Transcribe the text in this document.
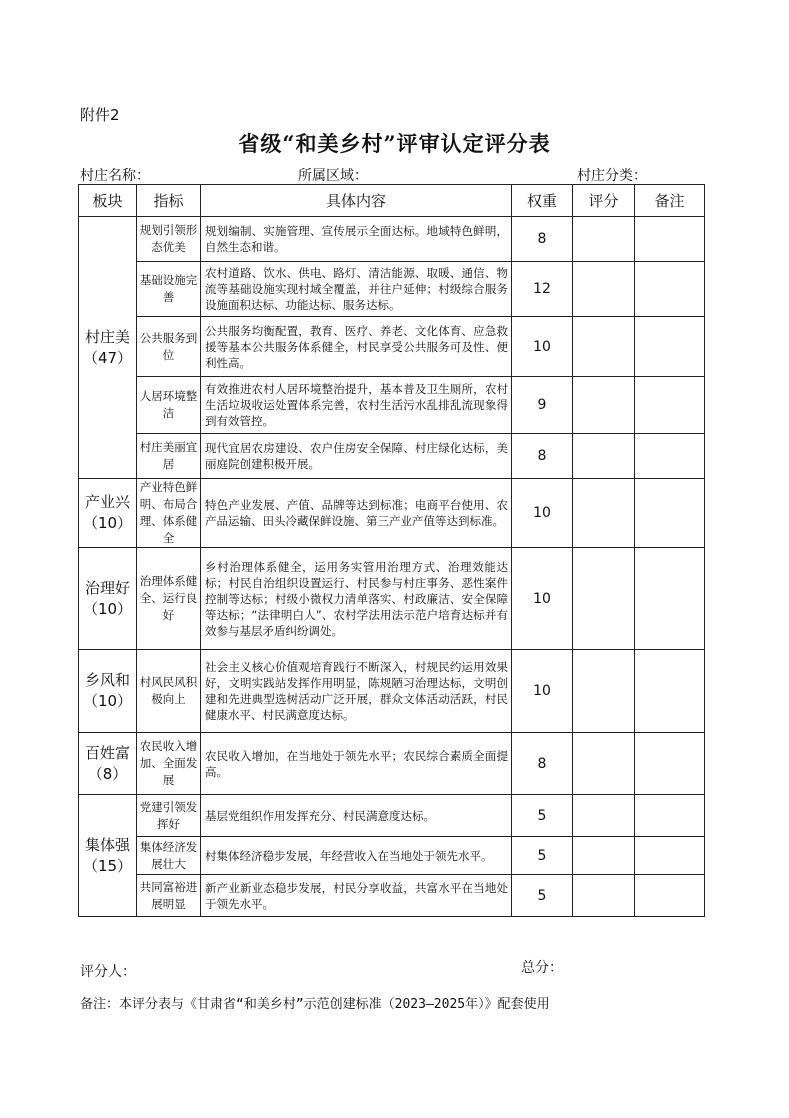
附件2
省级“和美乡村”评审认定评分表
村庄名称：	所属区域：	村庄分类：
板块	指标	具体内容	权重	评分	备注
村庄美
（47）	规划引领形态优美	规划编制、实施管理、宣传展示全面达标。地域特色鲜明，自然生态和谐。	8		
	基础设施完善	农村道路、饮水、供电、路灯、清洁能源、取暖、通信、物流等基础设施实现村域全覆盖，并往户延伸；村级综合服务设施面积达标、功能达标、服务达标。	12		
	公共服务到位	公共服务均衡配置，教育、医疗、养老、文化体育、应急救援等基本公共服务体系健全，村民享受公共服务可及性、便利性高。	10		
	人居环境整洁	有效推进农村人居环境整治提升，基本普及卫生厕所，农村生活垃圾收运处置体系完善，农村生活污水乱排乱流现象得到有效管控。	9		
	村庄美丽宜居	现代宜居农房建设、农户住房安全保障、村庄绿化达标，美丽庭院创建积极开展。	8		
产业兴
（10）	产业特色鲜明、布局合理、体系健全	特色产业发展、产值、品牌等达到标准；电商平台使用、农产品运输、田头冷藏保鲜设施、第三产业产值等达到标准。	10		
治理好
（10）	治理体系健全、运行良好	乡村治理体系健全，运用务实管用治理方式、治理效能达标；村民自治组织设置运行、村民参与村庄事务、恶性案件控制等达标；村级小微权力清单落实、村政廉洁、安全保障等达标；“法律明白人”、农村学法用法示范户培育达标并有效参与基层矛盾纠纷调处。	10		
乡风和
（10）	村风民风积极向上	社会主义核心价值观培育践行不断深入，村规民约运用效果好，文明实践站发挥作用明显，陈规陋习治理达标，文明创建和先进典型选树活动广泛开展，群众文体活动活跃，村民健康水平、村民满意度达标。	10		
百姓富
（8）	农民收入增加、全面发展	农民收入增加，在当地处于领先水平；农民综合素质全面提高。	8		
集体强
（15）	党建引领发挥好	基层党组织作用发挥充分、村民满意度达标。	5		
	集体经济发展壮大	村集体经济稳步发展，年经营收入在当地处于领先水平。	5		
	共同富裕进展明显	新产业新业态稳步发展，村民分享收益，共富水平在当地处于领先水平。	5		
评分人：	总分：
备注：本评分表与《甘肃省“和美乡村”示范创建标准（2023—2025年）》配套使用
